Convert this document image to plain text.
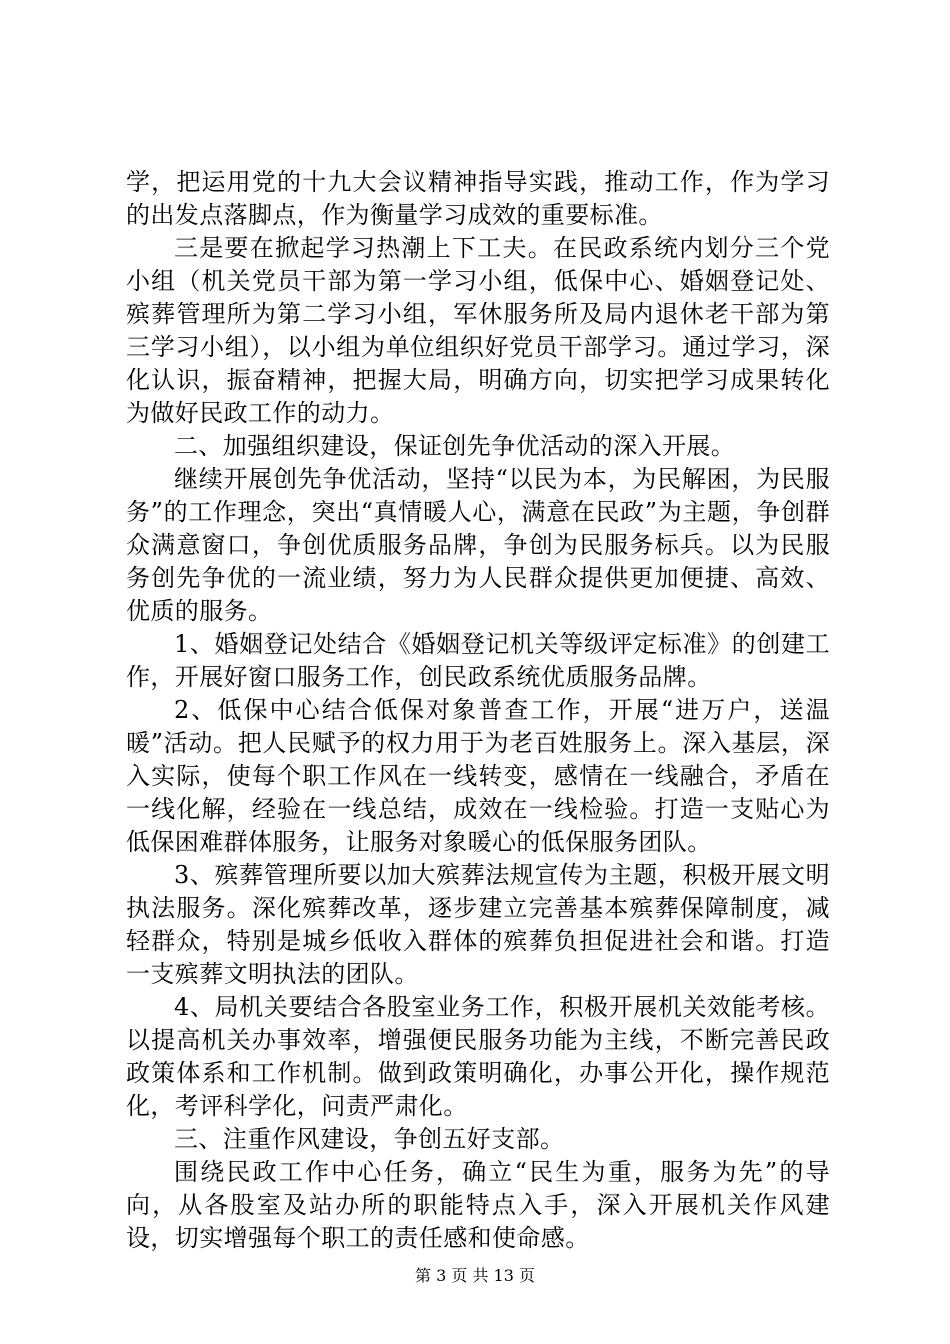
学，把运用党的十九大会议精神指导实践，推动工作，作为学习的出发点落脚点，作为衡量学习成效的重要标准。

三是要在掀起学习热潮上下工夫。在民政系统内划分三个党小组（机关党员干部为第一学习小组，低保中心、婚姻登记处、殡葬管理所为第二学习小组，军休服务所及局内退休老干部为第三学习小组），以小组为单位组织好党员干部学习。通过学习，深化认识，振奋精神，把握大局，明确方向，切实把学习成果转化为做好民政工作的动力。

二、加强组织建设，保证创先争优活动的深入开展。

继续开展创先争优活动，坚持“以民为本，为民解困，为民服务”的工作理念，突出“真情暖人心，满意在民政”为主题，争创群众满意窗口，争创优质服务品牌，争创为民服务标兵。以为民服务创先争优的一流业绩，努力为人民群众提供更加便捷、高效、优质的服务。

1、婚姻登记处结合《婚姻登记机关等级评定标准》的创建工作，开展好窗口服务工作，创民政系统优质服务品牌。

2、低保中心结合低保对象普查工作，开展“进万户，送温暖”活动。把人民赋予的权力用于为老百姓服务上。深入基层，深入实际，使每个职工作风在一线转变，感情在一线融合，矛盾在一线化解，经验在一线总结，成效在一线检验。打造一支贴心为低保困难群体服务，让服务对象暖心的低保服务团队。

3、殡葬管理所要以加大殡葬法规宣传为主题，积极开展文明执法服务。深化殡葬改革，逐步建立完善基本殡葬保障制度，减轻群众，特别是城乡低收入群体的殡葬负担促进社会和谐。打造一支殡葬文明执法的团队。

4、局机关要结合各股室业务工作，积极开展机关效能考核。以提高机关办事效率，增强便民服务功能为主线，不断完善民政政策体系和工作机制。做到政策明确化，办事公开化，操作规范化，考评科学化，问责严肃化。

三、注重作风建设，争创五好支部。

围绕民政工作中心任务，确立“民生为重，服务为先”的导向，从各股室及站办所的职能特点入手，深入开展机关作风建设，切实增强每个职工的责任感和使命感。

第 3 页 共 13 页
